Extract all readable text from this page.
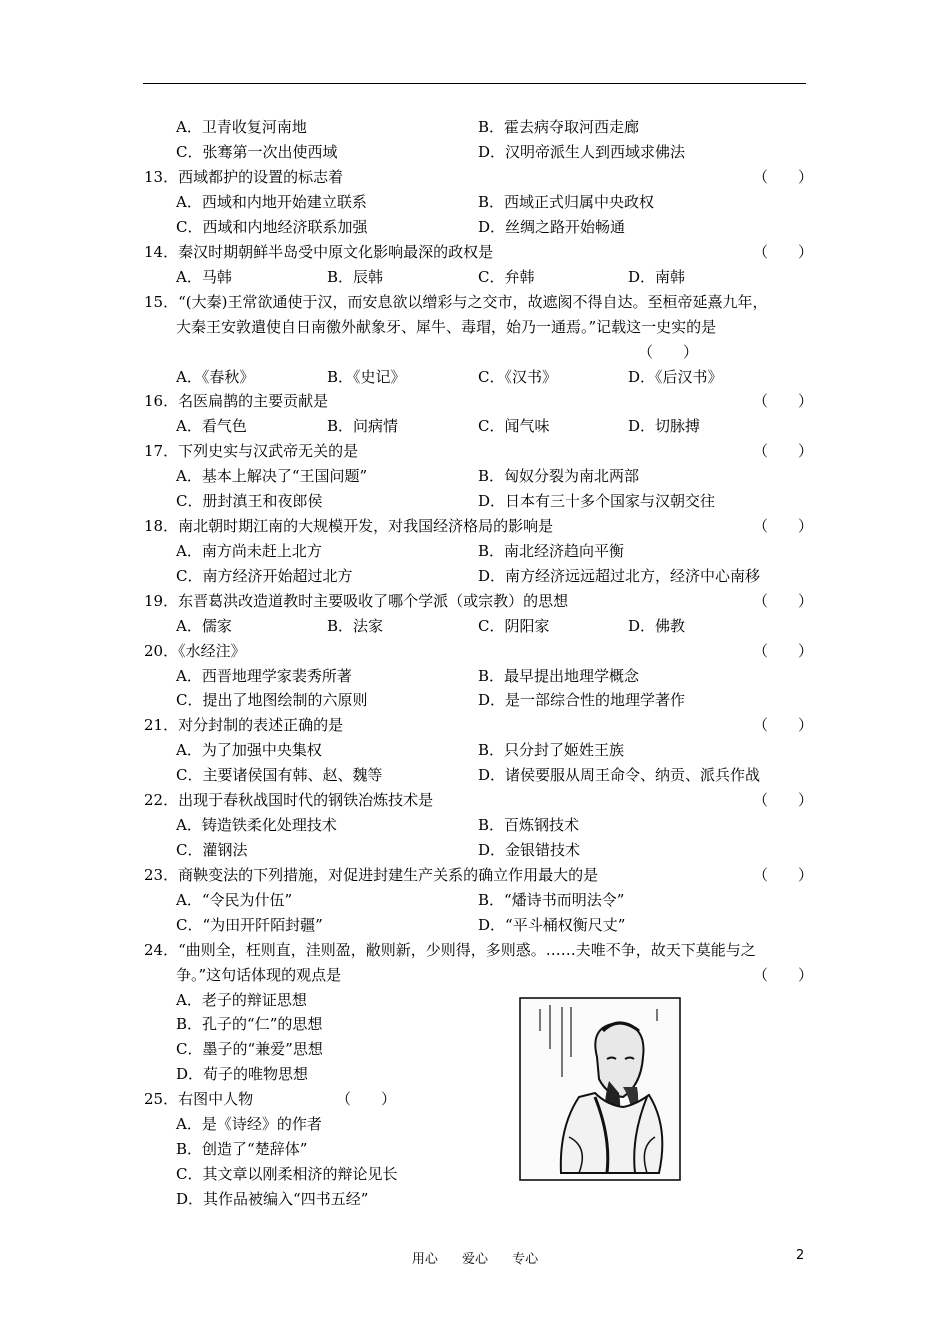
A．卫青收复河南地	B．霍去病夺取河西走廊
C．张骞第一次出使西域	D．汉明帝派生人到西域求佛法
13．西域都护的设置的标志着
A．西域和内地开始建立联系	B．西域正式归属中央政权
C．西域和内地经济联系加强	D．丝绸之路开始畅通
14．秦汉时期朝鲜半岛受中原文化影响最深的政权是
A．马韩	B．辰韩	C．弁韩	D．南韩
15．“(大秦)王常欲通使于汉，而安息欲以缯彩与之交市，故遮阂不得自达。至桓帝延熹九年，
大秦王安敦遣使自日南徼外献象牙、犀牛、毒瑁，始乃一通焉。”记载这一史实的是
A．《春秋》	B．《史记》	C．《汉书》	D．《后汉书》
16．名医扁鹊的主要贡献是
A．看气色	B．问病情	C．闻气味	D．切脉搏
17．下列史实与汉武帝无关的是
A．基本上解决了“王国问题”	B．匈奴分裂为南北两部
C．册封滇王和夜郎侯	D．日本有三十多个国家与汉朝交往
18．南北朝时期江南的大规模开发，对我国经济格局的影响是
A．南方尚未赶上北方	B．南北经济趋向平衡
C．南方经济开始超过北方	D．南方经济远远超过北方，经济中心南移
19．东晋葛洪改造道教时主要吸收了哪个学派（或宗教）的思想
A．儒家	B．法家	C．阴阳家	D．佛教
20．《水经注》
A．西晋地理学家裴秀所著	B．最早提出地理学概念
C．提出了地图绘制的六原则	D．是一部综合性的地理学著作
21．对分封制的表述正确的是
A．为了加强中央集权	B．只分封了姬姓王族
C．主要诸侯国有韩、赵、魏等	D．诸侯要服从周王命令、纳贡、派兵作战
22．出现于春秋战国时代的钢铁冶炼技术是
A．铸造铁柔化处理技术	B．百炼钢技术
C．灌钢法	D．金银错技术
23．商鞅变法的下列措施，对促进封建生产关系的确立作用最大的是
A．“令民为什伍”	B．“燔诗书而明法令”
C．“为田开阡陌封疆”	D．“平斗桶权衡尺丈”
24．“曲则全，枉则直，洼则盈，敝则新，少则得，多则惑。……夫唯不争，故天下莫能与之
争。”这句话体现的观点是
A．老子的辩证思想
B．孔子的“仁”的思想
C．墨子的“兼爱”思想
D．荀子的唯物思想
25．右图中人物
A．是《诗经》的作者
B．创造了“楚辞体”
C．其文章以刚柔相济的辩论见长
D．其作品被编入“四书五经”
（　　）
（　　）
（　　）
（　　）
（　　）
（　　）
（　　）
（　　）
（　　）
（　　）
（　　）
（　　）
（　　）
用心 爱心 专心	2
